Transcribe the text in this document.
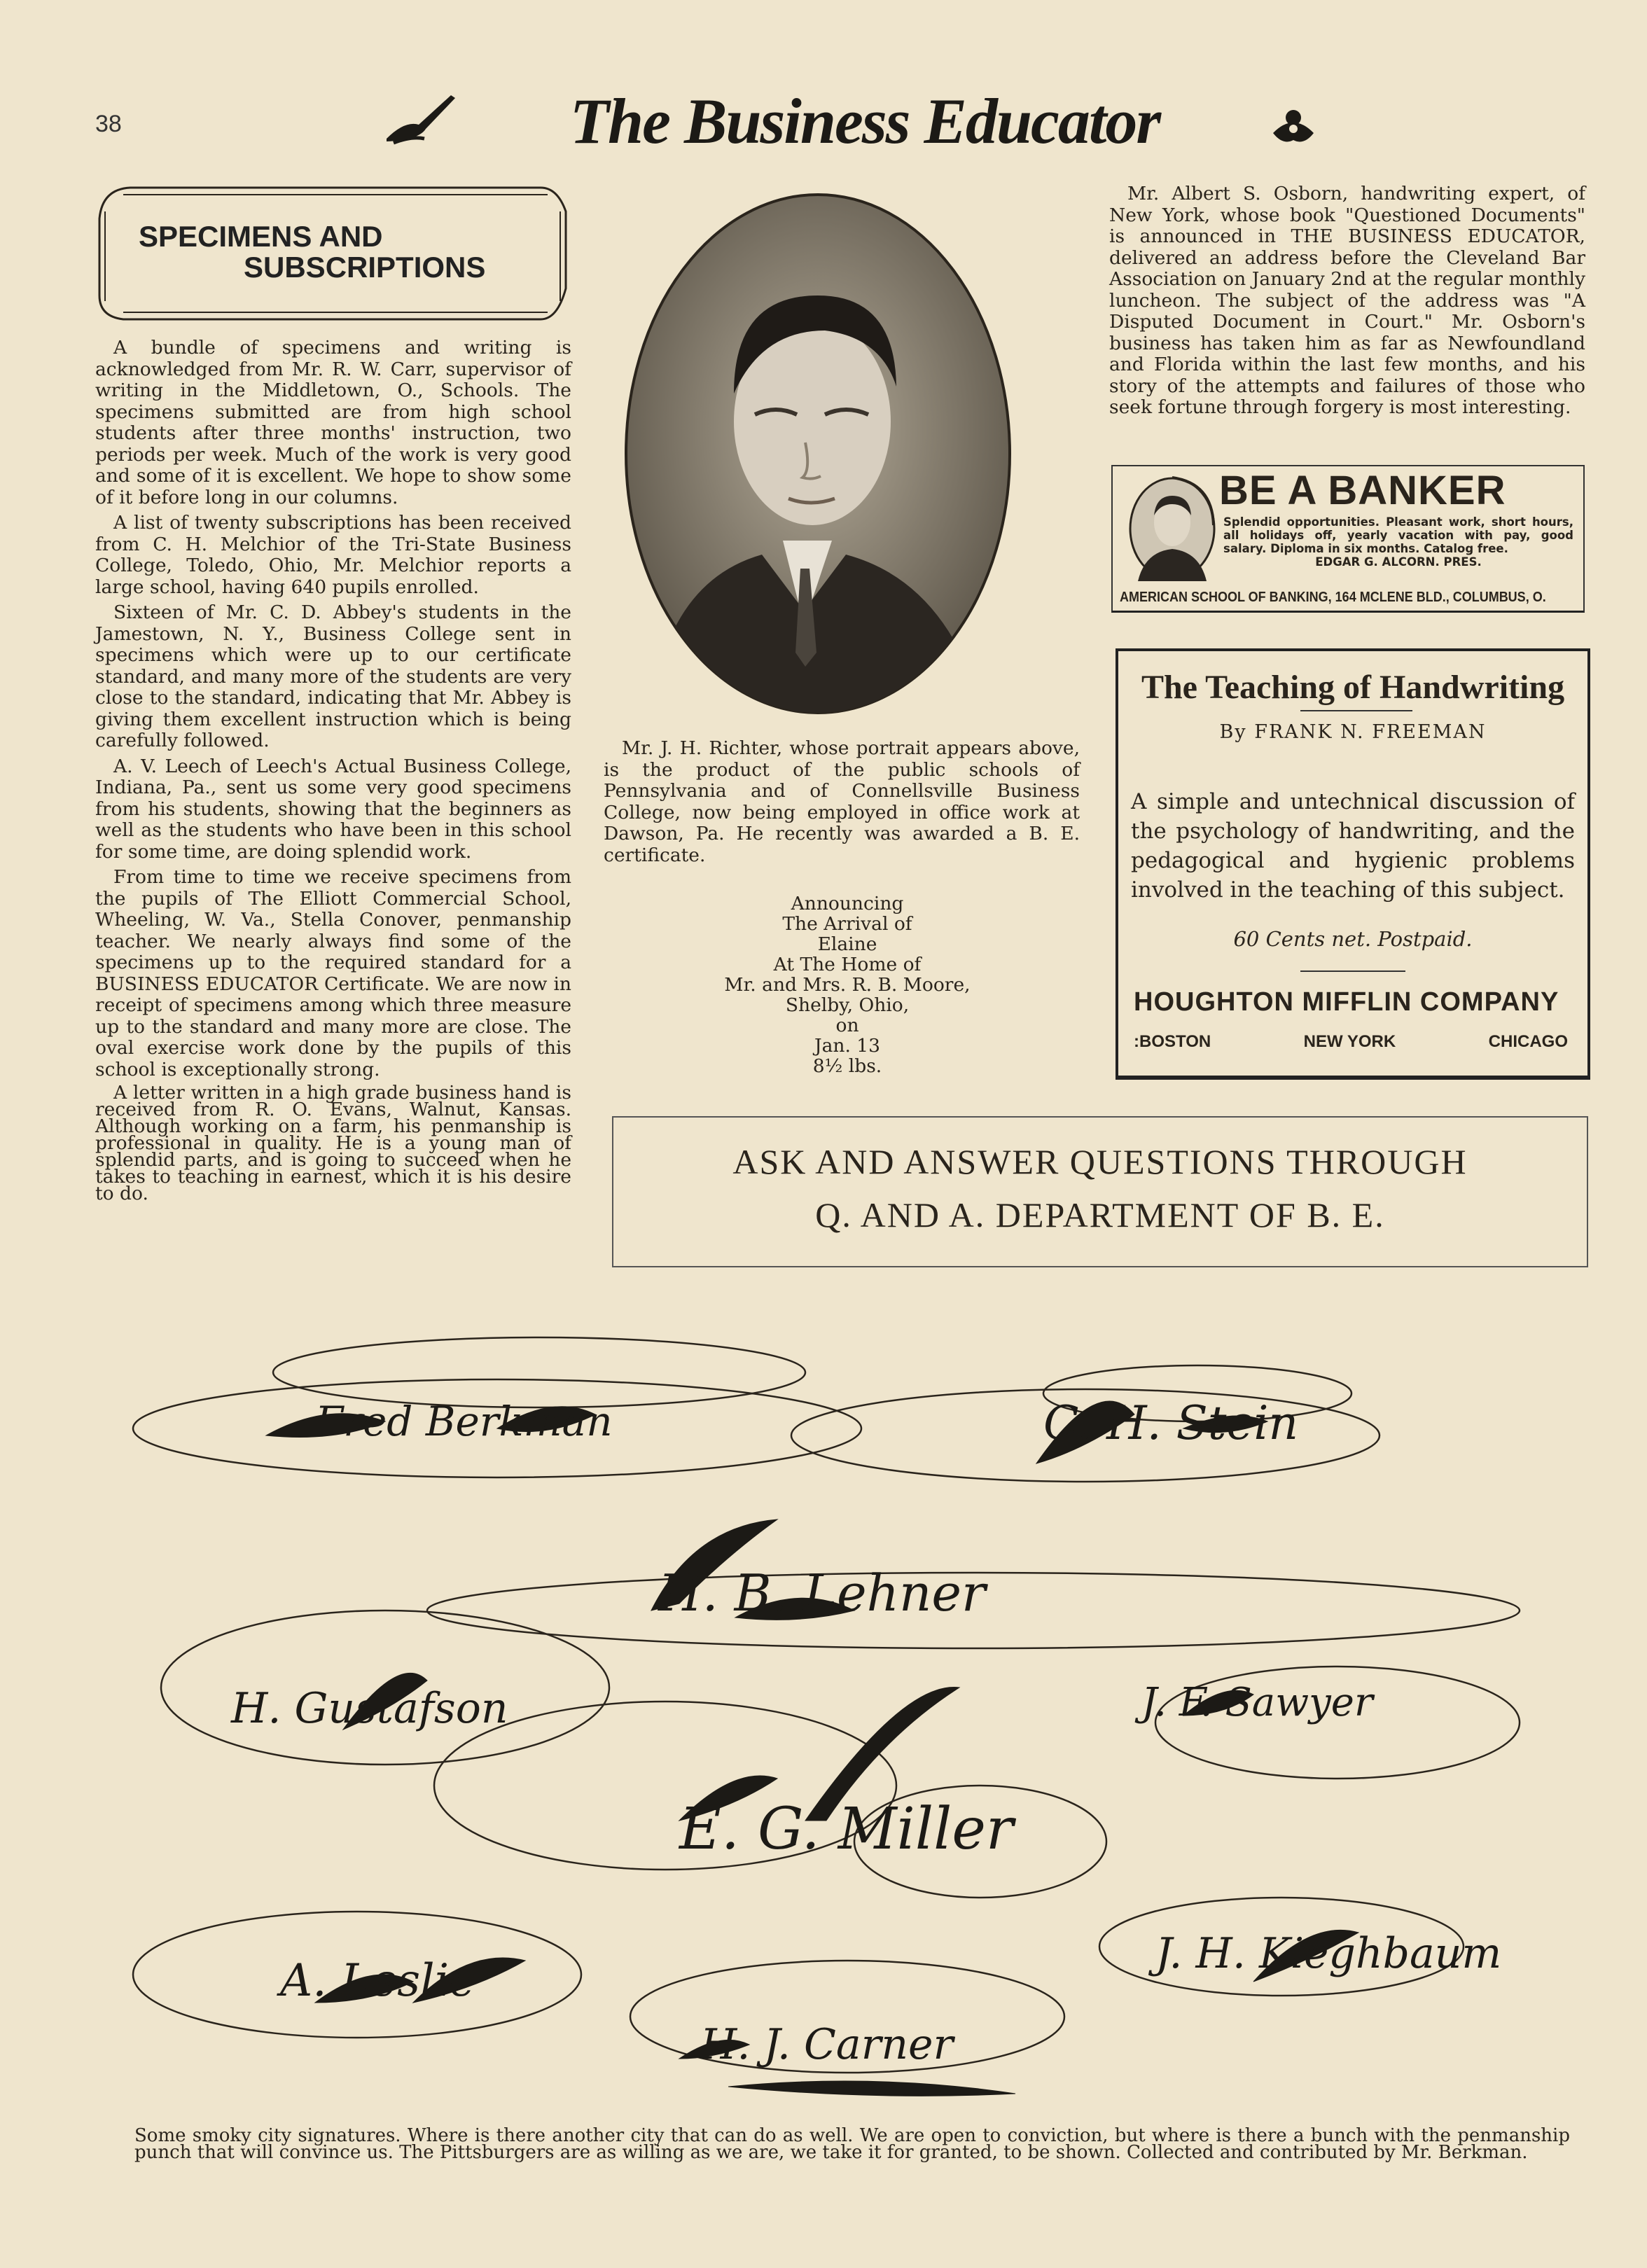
38	The Business Educator
SPECIMENS AND
SUBSCRIPTIONS

A bundle of specimens and writing is acknowledged from Mr. R. W. Carr, supervisor of writing in the Middletown, O., Schools. The specimens submitted are from high school students after three months' instruction, two periods per week. Much of the work is very good and some of it is excellent. We hope to show some of it before long in our columns.

A list of twenty subscriptions has been received from C. H. Melchior of the Tri-State Business College, Toledo, Ohio, Mr. Melchior reports a large school, having 640 pupils enrolled.

Sixteen of Mr. C. D. Abbey's students in the Jamestown, N. Y., Business College sent in specimens which were up to our certificate standard, and many more of the students are very close to the standard, indicating that Mr. Abbey is giving them excellent instruction which is being carefully followed.

A. V. Leech of Leech's Actual Business College, Indiana, Pa., sent us some very good specimens from his students, showing that the beginners as well as the students who have been in this school for some time, are doing splendid work.

From time to time we receive specimens from the pupils of The Elliott Commercial School, Wheeling, W. Va., Stella Conover, penmanship teacher. We nearly always find some of the specimens up to the required standard for a BUSINESS EDUCATOR Certificate. We are now in receipt of specimens among which three measure up to the standard and many more are close. The oval exercise work done by the pupils of this school is exceptionally strong.

A letter written in a high grade business hand is received from R. O. Evans, Walnut, Kansas. Although working on a farm, his penmanship is professional in quality. He is a young man of splendid parts, and is going to succeed when he takes to teaching in earnest, which it is his desire to do.

Mr. J. H. Richter, whose portrait appears above, is the product of the public schools of Pennsylvania and of Connellsville Business College, now being employed in office work at Dawson, Pa. He recently was awarded a B. E. certificate.

Announcing
The Arrival of
Elaine
At The Home of
Mr. and Mrs. R. B. Moore,
Shelby, Ohio,
on
Jan. 13
8½ lbs.

Mr. Albert S. Osborn, handwriting expert, of New York, whose book "Questioned Documents" is announced in THE BUSINESS EDUCATOR, delivered an address before the Cleveland Bar Association on January 2nd at the regular monthly luncheon. The subject of the address was "A Disputed Document in Court." Mr. Osborn's business has taken him as far as Newfoundland and Florida within the last few months, and his story of the attempts and failures of those who seek fortune through forgery is most interesting.

BE A BANKER
Splendid opportunities. Pleasant work, short hours, all holidays off, yearly vacation with pay, good salary. Diploma in six months. Catalog free.
EDGAR G. ALCORN. PRES.
AMERICAN SCHOOL OF BANKING, 164 MCLENE BLD., COLUMBUS, O.
The Teaching of Handwriting
By FRANK N. FREEMAN
A simple and untechnical discussion of the psychology of handwriting, and the pedagogical and hygienic problems involved in the teaching of this subject.
60 Cents net. Postpaid.
HOUGHTON MIFFLIN COMPANY
:BOSTON	NEW YORK	CHICAGO
ASK AND ANSWER QUESTIONS THROUGH
Q. AND A. DEPARTMENT OF B. E.
Fred Berkman	C. H. Stein
H. B. Lehner
H. Gustafson	J. F. Sawyer
E. G. Miller
A. Leslie
J. H. Kieghbaum
H. J. Carner
Some smoky city signatures. Where is there another city that can do as well. We are open to conviction, but where is there a bunch with the penmanship punch that will convince us. The Pittsburgers are as willing as we are, we take it for granted, to be shown. Collected and contributed by Mr. Berkman.
